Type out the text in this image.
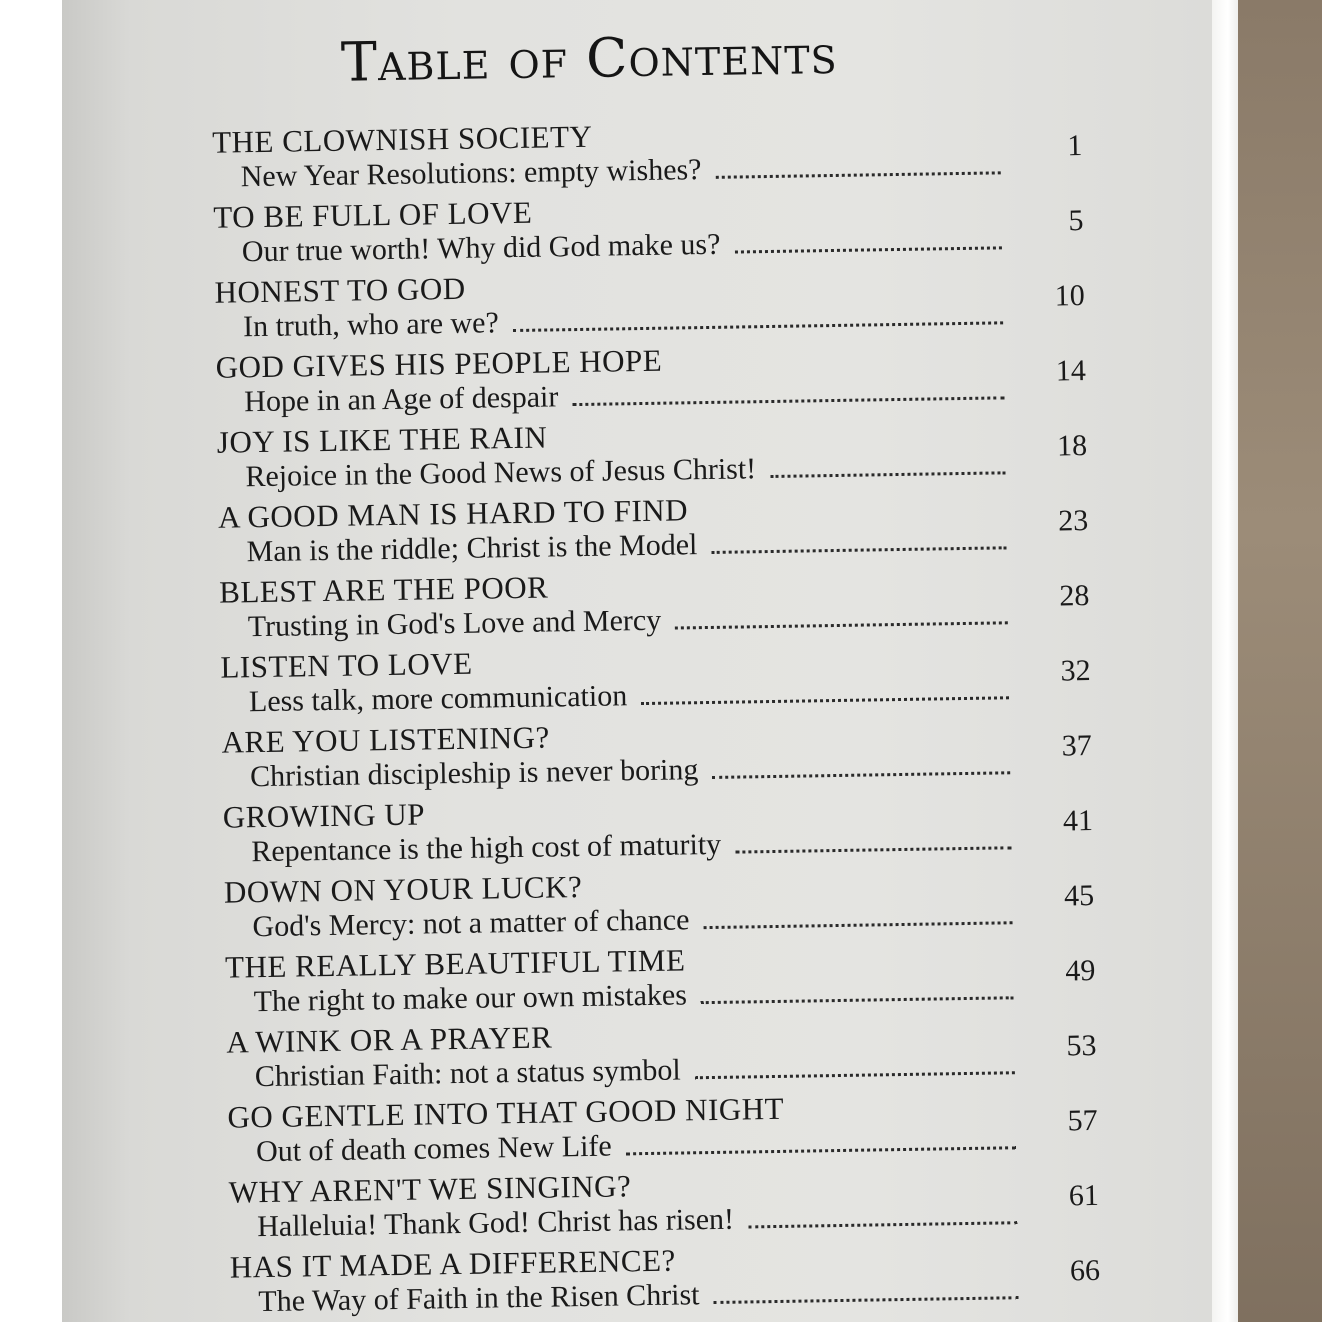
Table of Contents
THE CLOWNISH SOCIETY
New Year Resolutions: empty wishes?
1
TO BE FULL OF LOVE
Our true worth! Why did God make us?
5
HONEST TO GOD
In truth, who are we?
10
GOD GIVES HIS PEOPLE HOPE
Hope in an Age of despair
14
JOY IS LIKE THE RAIN
Rejoice in the Good News of Jesus Christ!
18
A GOOD MAN IS HARD TO FIND
Man is the riddle; Christ is the Model
23
BLEST ARE THE POOR
Trusting in God's Love and Mercy
28
LISTEN TO LOVE
Less talk, more communication
32
ARE YOU LISTENING?
Christian discipleship is never boring
37
GROWING UP
Repentance is the high cost of maturity
41
DOWN ON YOUR LUCK?
God's Mercy: not a matter of chance
45
THE REALLY BEAUTIFUL TIME
The right to make our own mistakes
49
A WINK OR A PRAYER
Christian Faith: not a status symbol
53
GO GENTLE INTO THAT GOOD NIGHT
Out of death comes New Life
57
WHY AREN'T WE SINGING?
Halleluia! Thank God! Christ has risen!
61
HAS IT MADE A DIFFERENCE?
The Way of Faith in the Risen Christ
66
